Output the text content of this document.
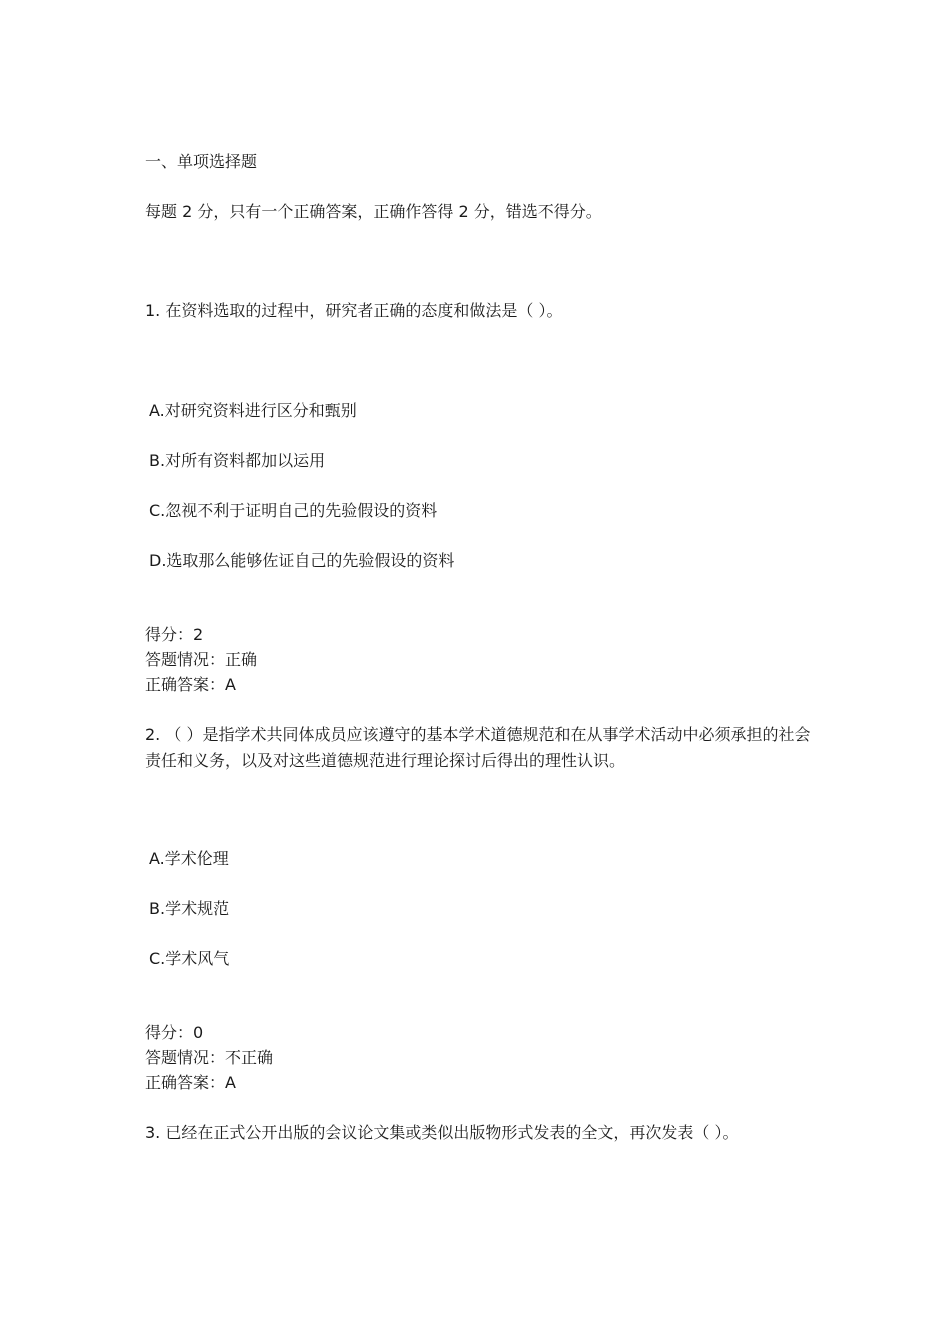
一、单项选择题
每题 2 分，只有一个正确答案，正确作答得 2 分，错选不得分。
1. 在资料选取的过程中，研究者正确的态度和做法是（ ）。
A.对研究资料进行区分和甄别
B.对所有资料都加以运用
C.忽视不利于证明自己的先验假设的资料
D.选取那么能够佐证自己的先验假设的资料
得分：2
答题情况：正确
正确答案：A
2. （ ）是指学术共同体成员应该遵守的基本学术道德规范和在从事学术活动中必须承担的社会责任和义务，以及对这些道德规范进行理论探讨后得出的理性认识。
A.学术伦理
B.学术规范
C.学术风气
得分：0
答题情况：不正确
正确答案：A
3. 已经在正式公开出版的会议论文集或类似出版物形式发表的全文，再次发表（ ）。
